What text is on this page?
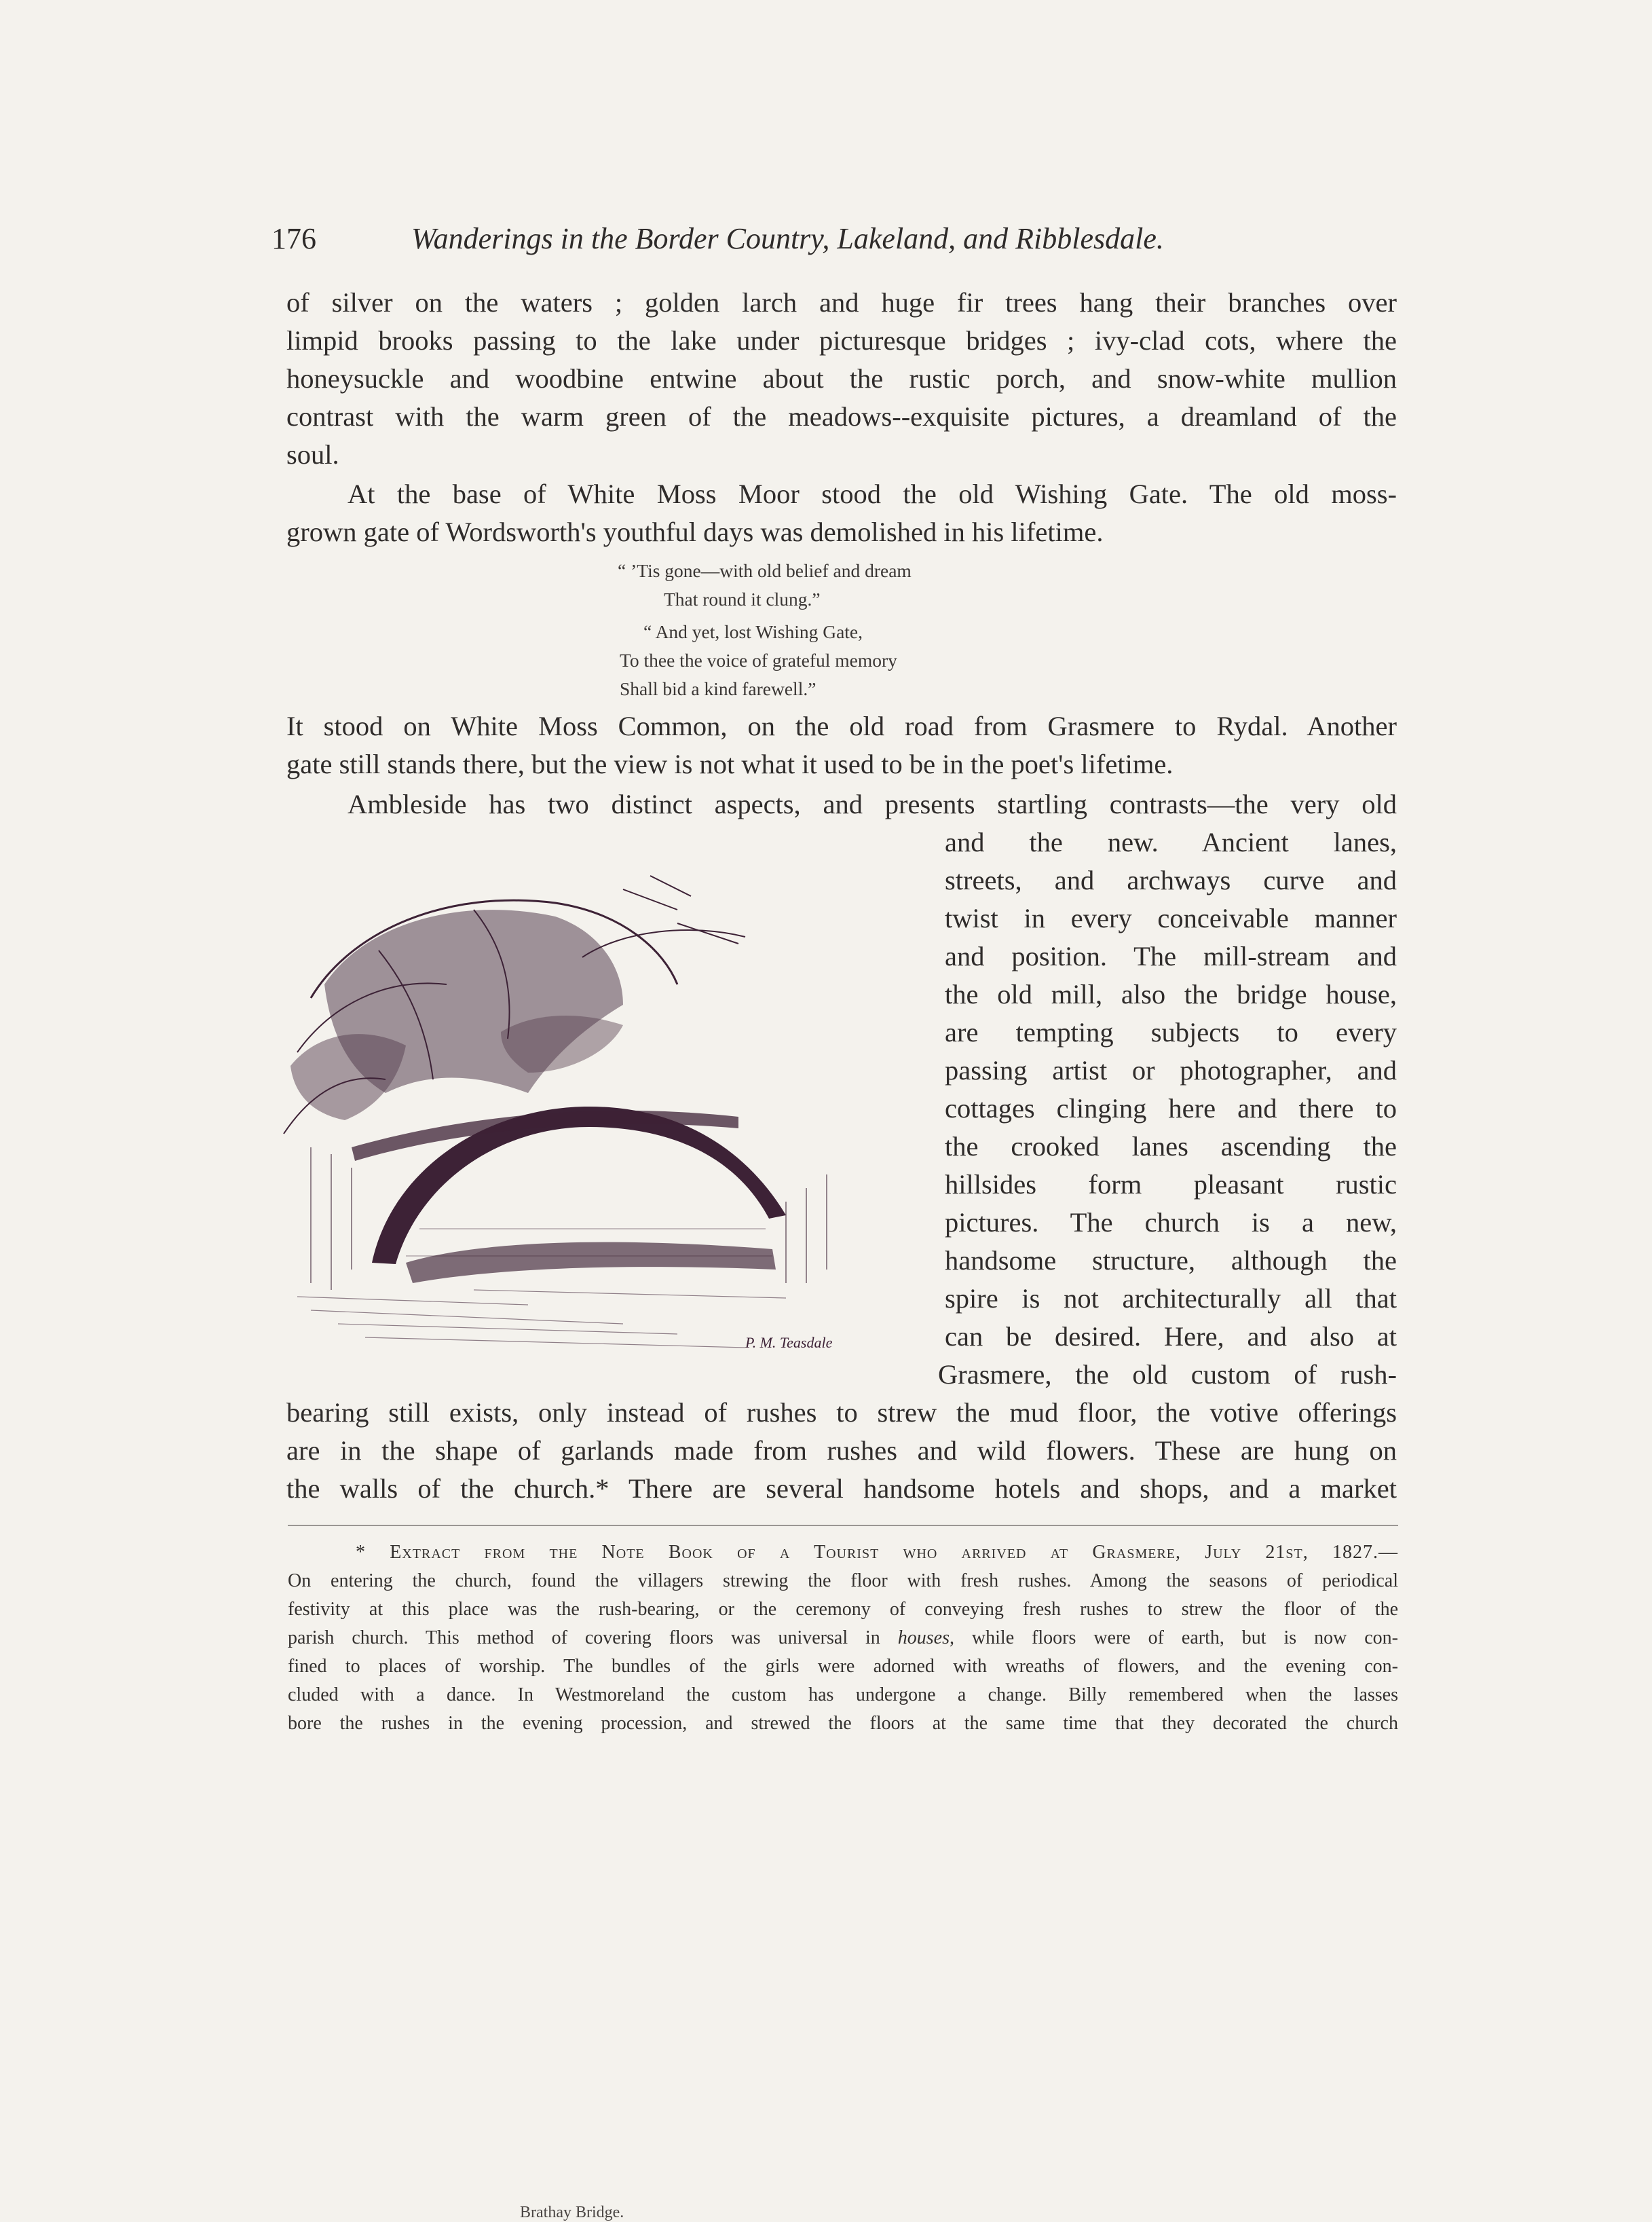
176	Wanderings in the Border Country, Lakeland, and Ribblesdale.
of silver on the waters ; golden larch and huge fir trees hang their branches over
limpid brooks passing to the lake under picturesque bridges ; ivy-clad cots, where the
honeysuckle and woodbine entwine about the rustic porch, and snow-white mullion
contrast with the warm green of the meadows--exquisite pictures, a dreamland of the
soul.
At the base of White Moss Moor stood the old Wishing Gate. The old moss-
grown gate of Wordsworth's youthful days was demolished in his lifetime.
“ ’Tis gone—with old belief and dream
That round it clung.”
“ And yet, lost Wishing Gate,
To thee the voice of grateful memory
Shall bid a kind farewell.”
It stood on White Moss Common, on the old road from Grasmere to Rydal. Another
gate still stands there, but the view is not what it used to be in the poet's lifetime.
Ambleside has two distinct aspects, and presents startling contrasts—the very old
and the new. Ancient lanes,
streets, and archways curve and
twist in every conceivable manner
and position. The mill-stream and
the old mill, also the bridge house,
are tempting subjects to every
passing artist or photographer, and
cottages clinging here and there to
the crooked lanes ascending the
hillsides form pleasant rustic
pictures. The church is a new,
handsome structure, although the
spire is not architecturally all that
can be desired. Here, and also at
Grasmere, the old custom of rush-
bearing still exists, only instead of rushes to strew the mud floor, the votive offerings
are in the shape of garlands made from rushes and wild flowers. These are hung on
the walls of the church.* There are several handsome hotels and shops, and a market
P. M. Teasdale
Brathay Bridge.
* Extract from the Note Book of a Tourist who arrived at Grasmere, July 21st, 1827.—
On entering the church, found the villagers strewing the floor with fresh rushes. Among the seasons of periodical
festivity at this place was the rush-bearing, or the ceremony of conveying fresh rushes to strew the floor of the
parish church. This method of covering floors was universal in houses, while floors were of earth, but is now con-
fined to places of worship. The bundles of the girls were adorned with wreaths of flowers, and the evening con-
cluded with a dance. In Westmoreland the custom has undergone a change. Billy remembered when the lasses
bore the rushes in the evening procession, and strewed the floors at the same time that they decorated the church
